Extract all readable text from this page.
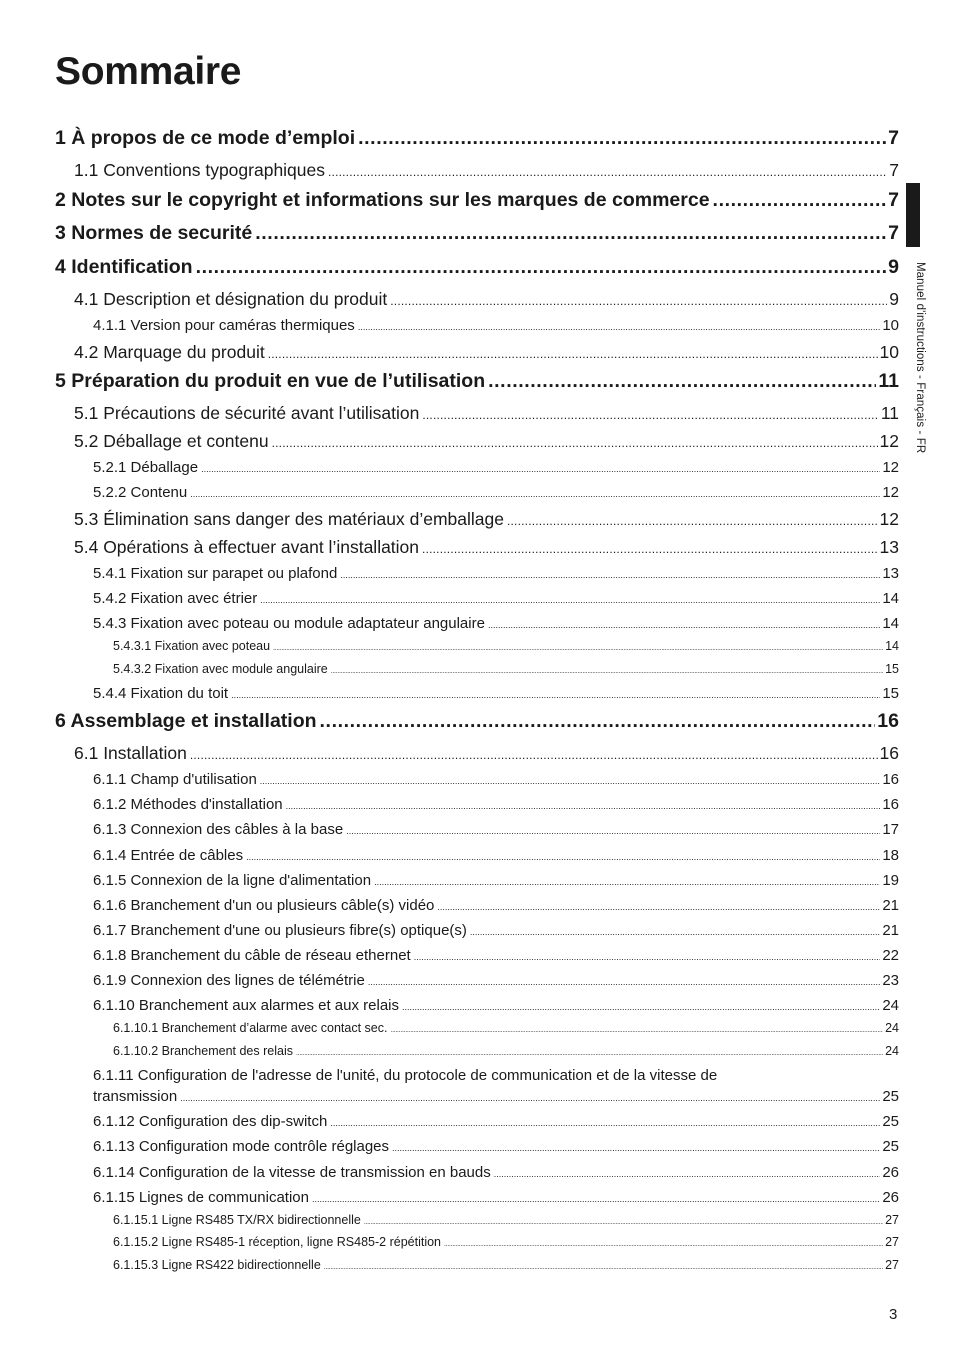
Sommaire
1 À propos de ce mode d’emploi .....	7
1.1 Conventions typographiques .....	7
2 Notes sur le copyright et informations sur les marques de commerce .....	7
3 Normes de securité .....	7
4 Identification .....	9
4.1 Description et désignation du produit .....	9
4.1.1 Version pour caméras thermiques .....	10
4.2 Marquage du produit .....	10
5 Préparation du produit en vue de l’utilisation .....	11
5.1 Précautions de sécurité avant l’utilisation .....	11
5.2 Déballage et contenu .....	12
5.2.1 Déballage .....	12
5.2.2 Contenu .....	12
5.3 Élimination sans danger des matériaux d’emballage .....	12
5.4 Opérations à effectuer avant l’installation .....	13
5.4.1 Fixation sur parapet ou plafond .....	13
5.4.2 Fixation avec étrier .....	14
5.4.3 Fixation avec poteau ou module adaptateur angulaire .....	14
5.4.3.1 Fixation avec poteau .....	14
5.4.3.2 Fixation avec module angulaire .....	15
5.4.4 Fixation du toit .....	15
6 Assemblage et installation .....	16
6.1 Installation .....	16
6.1.1 Champ d'utilisation .....	16
6.1.2 Méthodes d'installation .....	16
6.1.3 Connexion des câbles à la base .....	17
6.1.4 Entrée de câbles .....	18
6.1.5 Connexion de la ligne d'alimentation .....	19
6.1.6 Branchement d'un ou plusieurs câble(s) vidéo .....	21
6.1.7 Branchement d'une ou plusieurs fibre(s) optique(s) .....	21
6.1.8 Branchement du câble de réseau ethernet .....	22
6.1.9 Connexion des lignes de télémétrie .....	23
6.1.10 Branchement aux alarmes et aux relais .....	24
6.1.10.1 Branchement d’alarme avec contact sec. .....	24
6.1.10.2 Branchement des relais .....	24
6.1.11 Configuration de l'adresse de l'unité, du protocole de communication et de la vitesse de
transmission .....	25
6.1.12 Configuration des dip-switch .....	25
6.1.13 Configuration mode contrôle réglages .....	25
6.1.14 Configuration de la vitesse de transmission en bauds .....	26
6.1.15 Lignes de communication .....	26
6.1.15.1 Ligne RS485 TX/RX bidirectionnelle .....	27
6.1.15.2 Ligne RS485-1 réception, ligne RS485-2 répétition .....	27
6.1.15.3 Ligne RS422 bidirectionnelle .....	27
Manuel d'instructions - Français - FR
3
